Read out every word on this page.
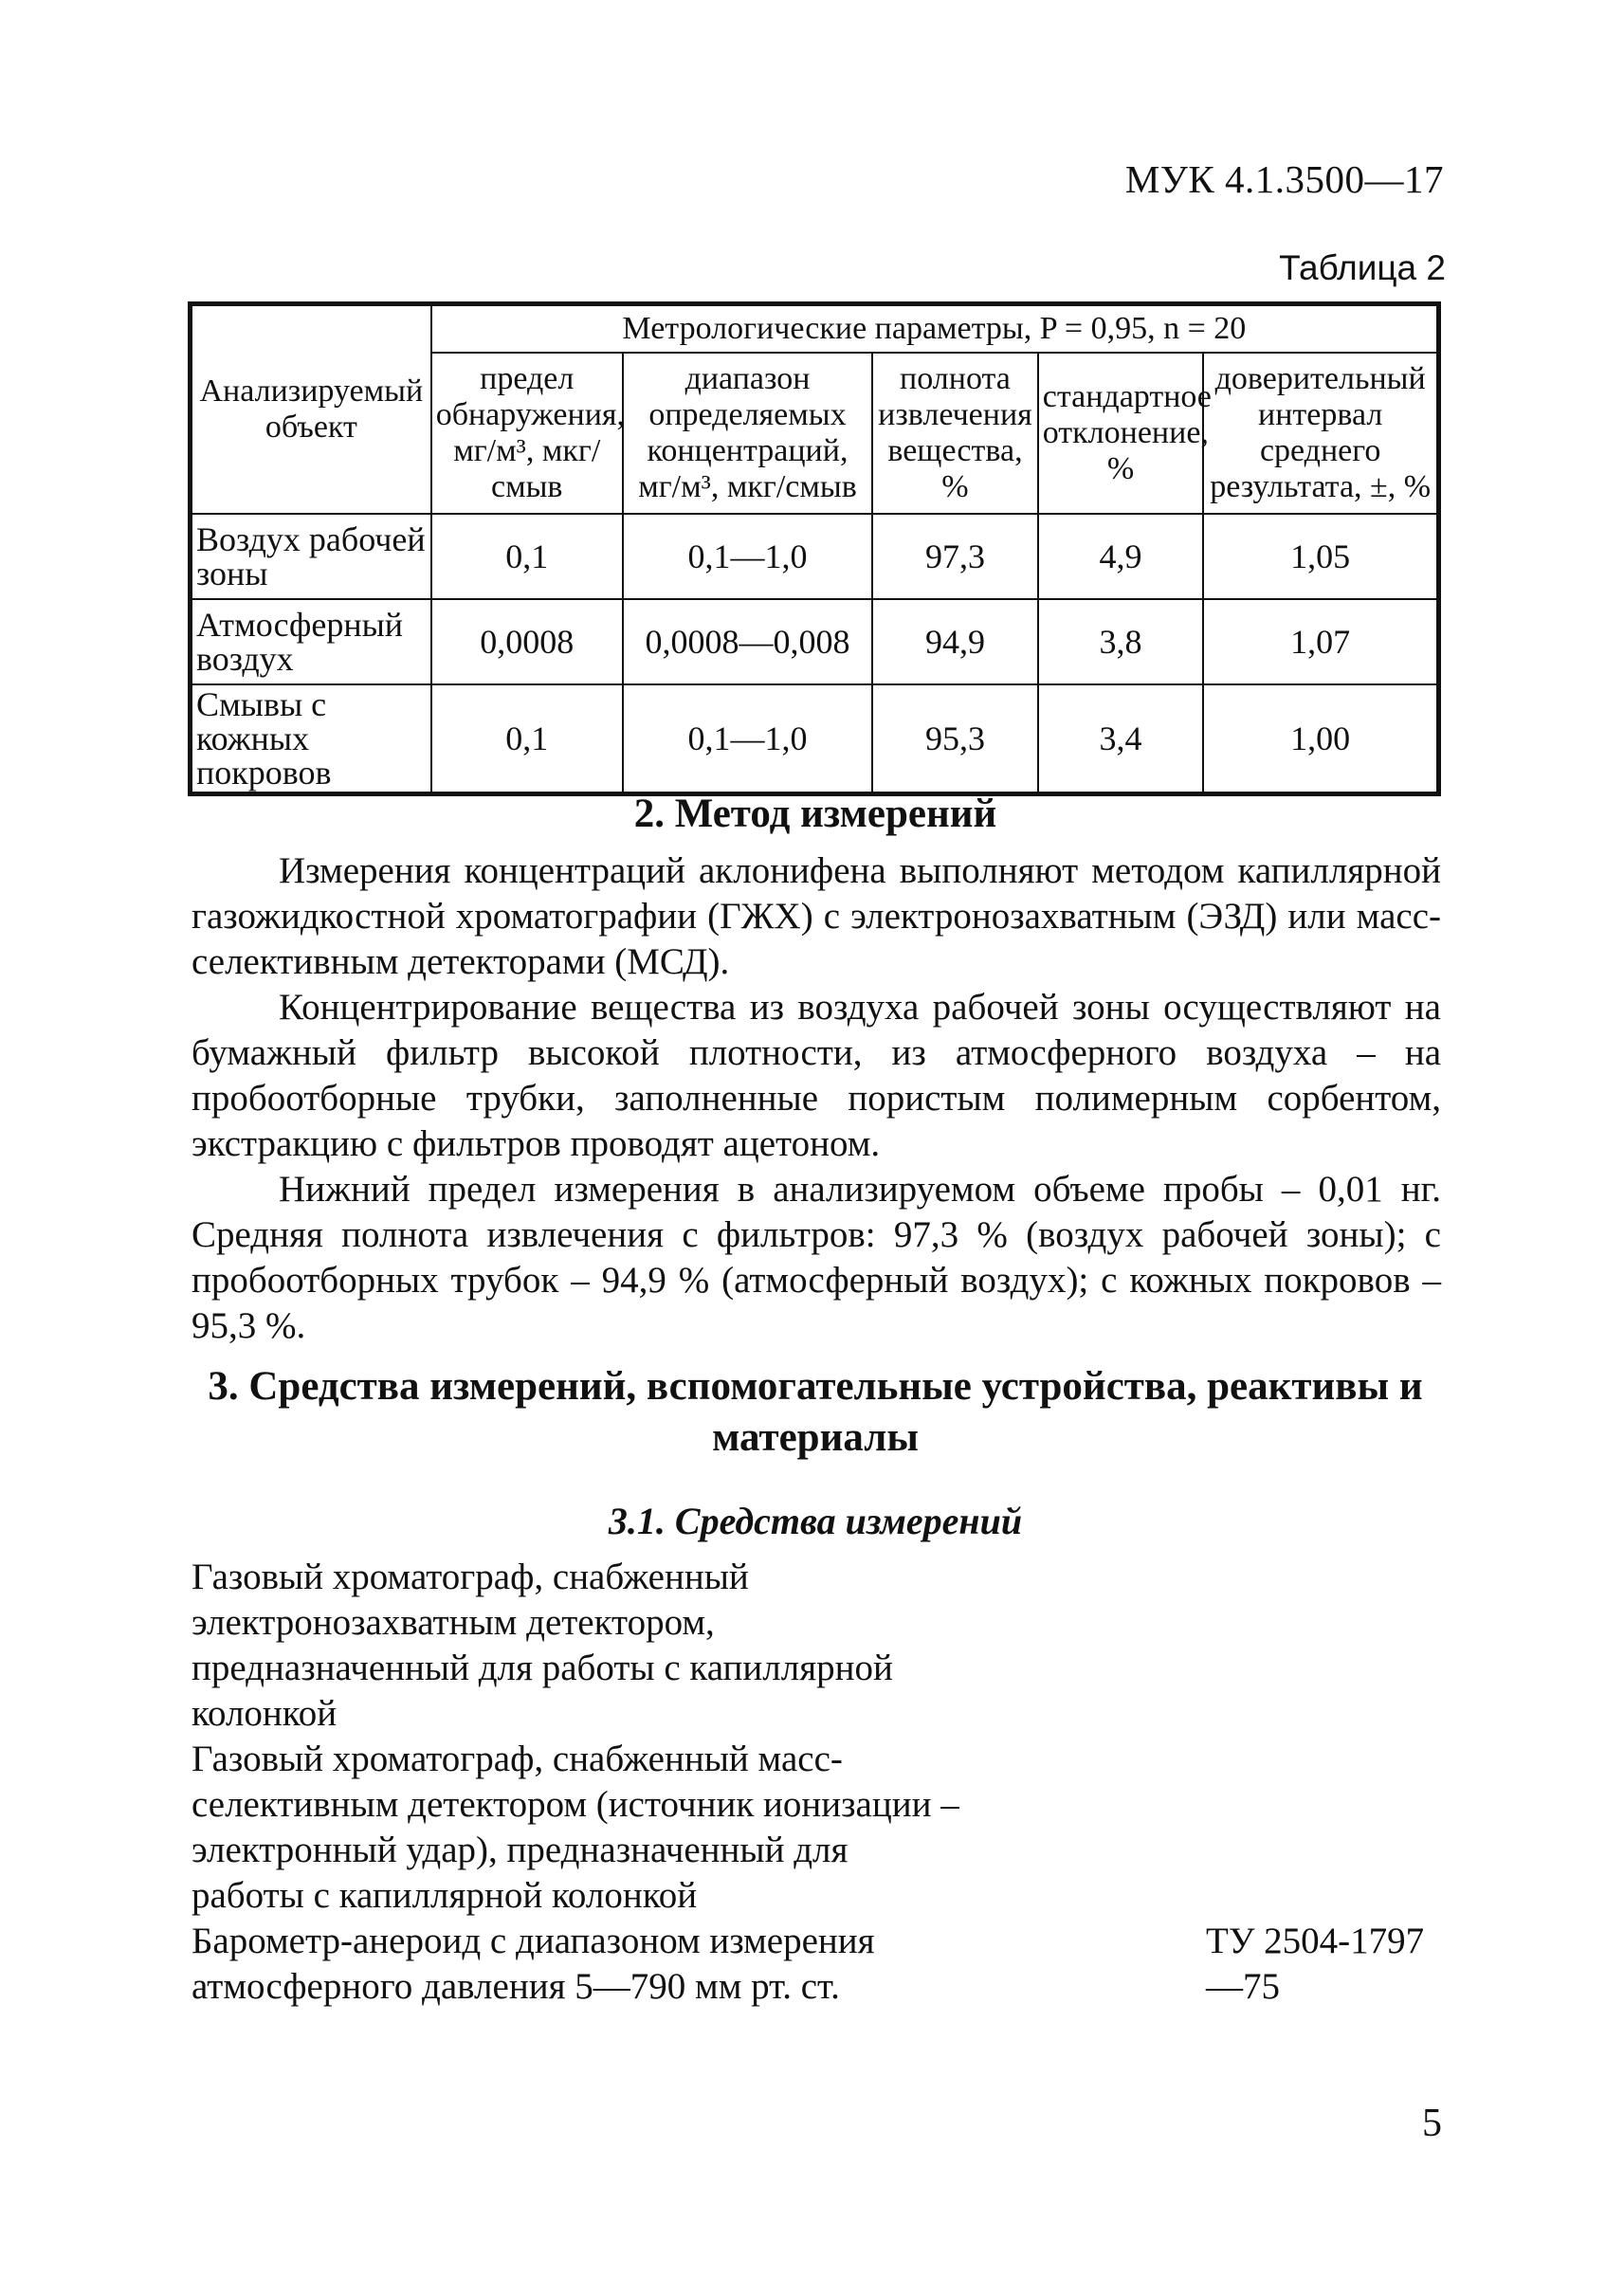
МУК 4.1.3500—17
Таблица 2
Анализируемый объект	Метрологические параметры, P = 0,95, n = 20				
	предел обнаружения, мг/м³, мкг/смыв	диапазон определяемых концентраций, мг/м³, мкг/смыв	полнота извлечения вещества, %	стандартное отклонение, %	доверительный интервал среднего результата, ±, %
Воздух рабочей зоны	0,1	0,1—1,0	97,3	4,9	1,05
Атмосферный воздух	0,0008	0,0008—0,008	94,9	3,8	1,07
Смывы с кожных покровов	0,1	0,1—1,0	95,3	3,4	1,00
2. Метод измерений

Измерения концентраций аклонифена выполняют методом капиллярной газожидкостной хроматографии (ГЖХ) с электронозахватным (ЭЗД) или масс-селективным детекторами (МСД).

Концентрирование вещества из воздуха рабочей зоны осуществляют на бумажный фильтр высокой плотности, из атмосферного воздуха – на пробоотборные трубки, заполненные пористым полимерным сорбентом, экстракцию с фильтров проводят ацетоном.

Нижний предел измерения в анализируемом объеме пробы – 0,01 нг. Средняя полнота извлечения с фильтров: 97,3 % (воздух рабочей зоны); с пробоотборных трубок – 94,9 % (атмосферный воздух); с кожных покровов – 95,3 %.

3. Средства измерений, вспомогательные устройства, реактивы и материалы
3.1. Средства измерений
Газовый хроматограф, снабженный электронозахватным детектором, предназначенный для работы с капиллярной колонкой
Газовый хроматограф, снабженный масс-селективным детектором (источник ионизации – электронный удар), предназначенный для работы с капиллярной колонкой
Барометр-анероид с диапазоном измерения атмосферного давления 5—790 мм рт. ст.
ТУ 2504-1797—75
5
